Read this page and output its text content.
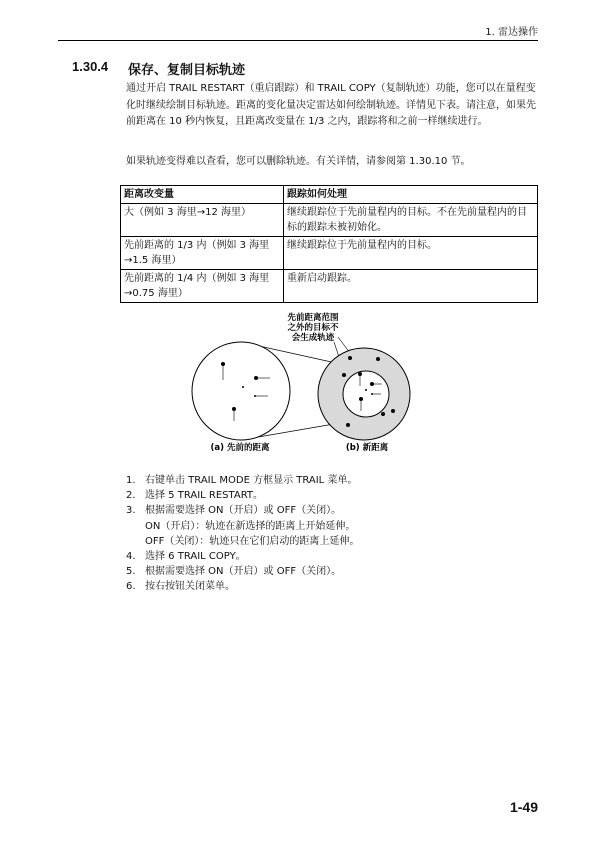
1. 雷达操作
1.30.4 保存、复制目标轨迹
通过开启 TRAIL RESTART（重启跟踪）和 TRAIL COPY（复制轨迹）功能，您可以在量程变化时继续绘制目标轨迹。距离的变化量决定雷达如何绘制轨迹。详情见下表。请注意，如果先前距离在 10 秒内恢复，且距离改变量在 1/3 之内，跟踪将和之前一样继续进行。
如果轨迹变得难以查看，您可以删除轨迹。有关详情，请参阅第 1.30.10 节。
距离改变量	跟踪如何处理
大（例如 3 海里→12 海里）	继续跟踪位于先前量程内的目标。不在先前量程内的目标的跟踪未被初始化。
先前距离的 1/3 内（例如 3 海里→1.5 海里）	继续跟踪位于先前量程内的目标。
先前距离的 1/4 内（例如 3 海里→0.75 海里）	重新启动跟踪。
先前距离范围
之外的目标不
会生成轨迹
(a) 先前的距离	(b) 新距离
1. 右键单击 TRAIL MODE 方框显示 TRAIL 菜单。
2. 选择 5 TRAIL RESTART。
3. 根据需要选择 ON（开启）或 OFF（关闭）。
ON（开启）：轨迹在新选择的距离上开始延伸。
OFF（关闭）：轨迹只在它们启动的距离上延伸。
4. 选择 6 TRAIL COPY。
5. 根据需要选择 ON（开启）或 OFF（关闭）。
6. 按右按钮关闭菜单。
1-49
